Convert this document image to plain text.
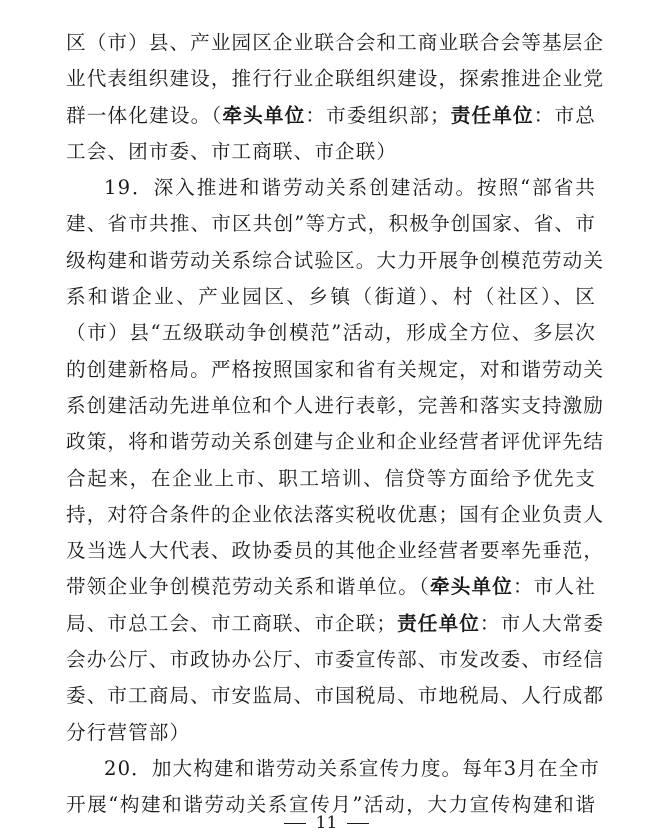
区（市）县、产业园区企业联合会和工商业联合会等基层企
业代表组织建设，推行行业企联组织建设，探索推进企业党
群一体化建设。（牵头单位：市委组织部；责任单位：市总
工会、团市委、市工商联、市企联）
19．深入推进和谐劳动关系创建活动。按照“部省共
建、省市共推、市区共创”等方式，积极争创国家、省、市
级构建和谐劳动关系综合试验区。大力开展争创模范劳动关
系和谐企业、产业园区、乡镇（街道）、村（社区）、区
（市）县“五级联动争创模范”活动，形成全方位、多层次
的创建新格局。严格按照国家和省有关规定，对和谐劳动关
系创建活动先进单位和个人进行表彰，完善和落实支持激励
政策，将和谐劳动关系创建与企业和企业经营者评优评先结
合起来，在企业上市、职工培训、信贷等方面给予优先支
持，对符合条件的企业依法落实税收优惠；国有企业负责人
及当选人大代表、政协委员的其他企业经营者要率先垂范，
带领企业争创模范劳动关系和谐单位。（牵头单位：市人社
局、市总工会、市工商联、市企联；责任单位：市人大常委
会办公厅、市政协办公厅、市委宣传部、市发改委、市经信
委、市工商局、市安监局、市国税局、市地税局、人行成都
分行营管部）
20．加大构建和谐劳动关系宣传力度。每年3月在全市
开展“构建和谐劳动关系宣传月”活动，大力宣传构建和谐
11
